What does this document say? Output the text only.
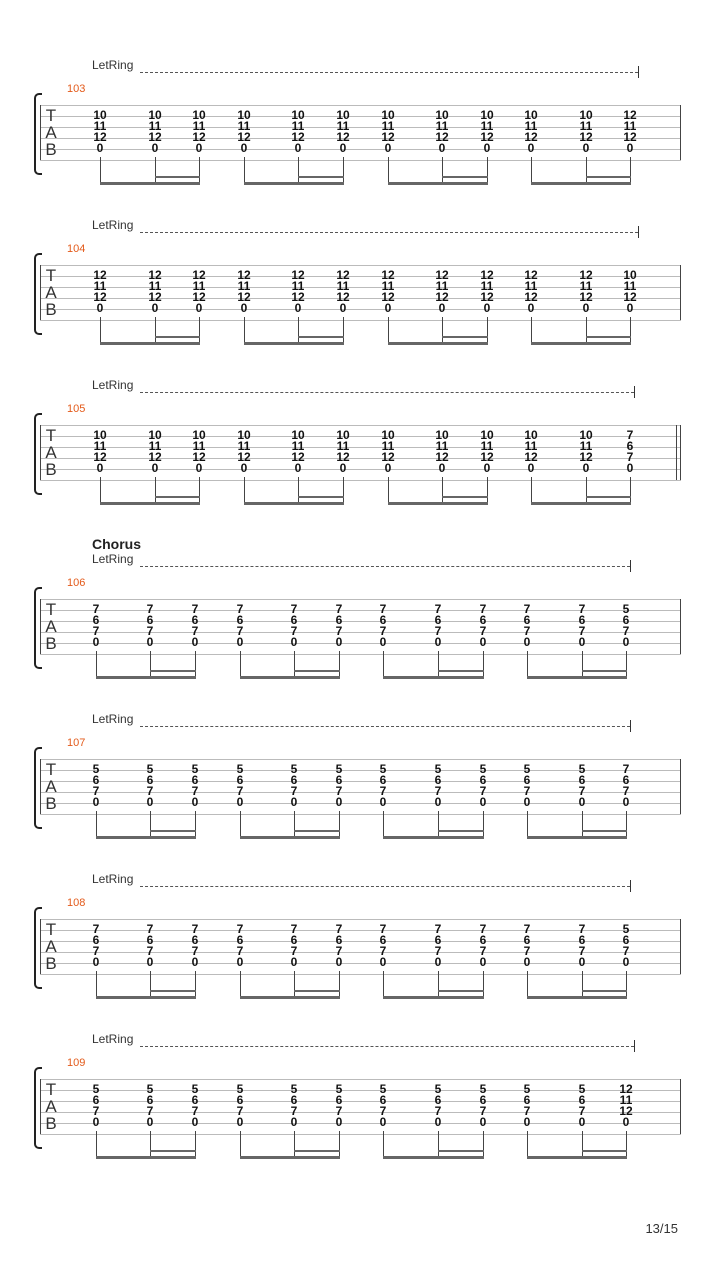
LetRing
103
T
A
B
10
11
12
0
10
11
12
0
10
11
12
0
10
11
12
0
10
11
12
0
10
11
12
0
10
11
12
0
10
11
12
0
10
11
12
0
10
11
12
0
10
11
12
0
12
11
12
0
LetRing
104
T
A
B
12
11
12
0
12
11
12
0
12
11
12
0
12
11
12
0
12
11
12
0
12
11
12
0
12
11
12
0
12
11
12
0
12
11
12
0
12
11
12
0
12
11
12
0
10
11
12
0
LetRing
105
T
A
B
10
11
12
0
10
11
12
0
10
11
12
0
10
11
12
0
10
11
12
0
10
11
12
0
10
11
12
0
10
11
12
0
10
11
12
0
10
11
12
0
10
11
12
0
7
6
7
0
Chorus
LetRing
106
T
A
B
7
6
7
0
7
6
7
0
7
6
7
0
7
6
7
0
7
6
7
0
7
6
7
0
7
6
7
0
7
6
7
0
7
6
7
0
7
6
7
0
7
6
7
0
5
6
7
0
LetRing
107
T
A
B
5
6
7
0
5
6
7
0
5
6
7
0
5
6
7
0
5
6
7
0
5
6
7
0
5
6
7
0
5
6
7
0
5
6
7
0
5
6
7
0
5
6
7
0
7
6
7
0
LetRing
108
T
A
B
7
6
7
0
7
6
7
0
7
6
7
0
7
6
7
0
7
6
7
0
7
6
7
0
7
6
7
0
7
6
7
0
7
6
7
0
7
6
7
0
7
6
7
0
5
6
7
0
LetRing
109
T
A
B
5
6
7
0
5
6
7
0
5
6
7
0
5
6
7
0
5
6
7
0
5
6
7
0
5
6
7
0
5
6
7
0
5
6
7
0
5
6
7
0
5
6
7
0
12
11
12
0
13/15
